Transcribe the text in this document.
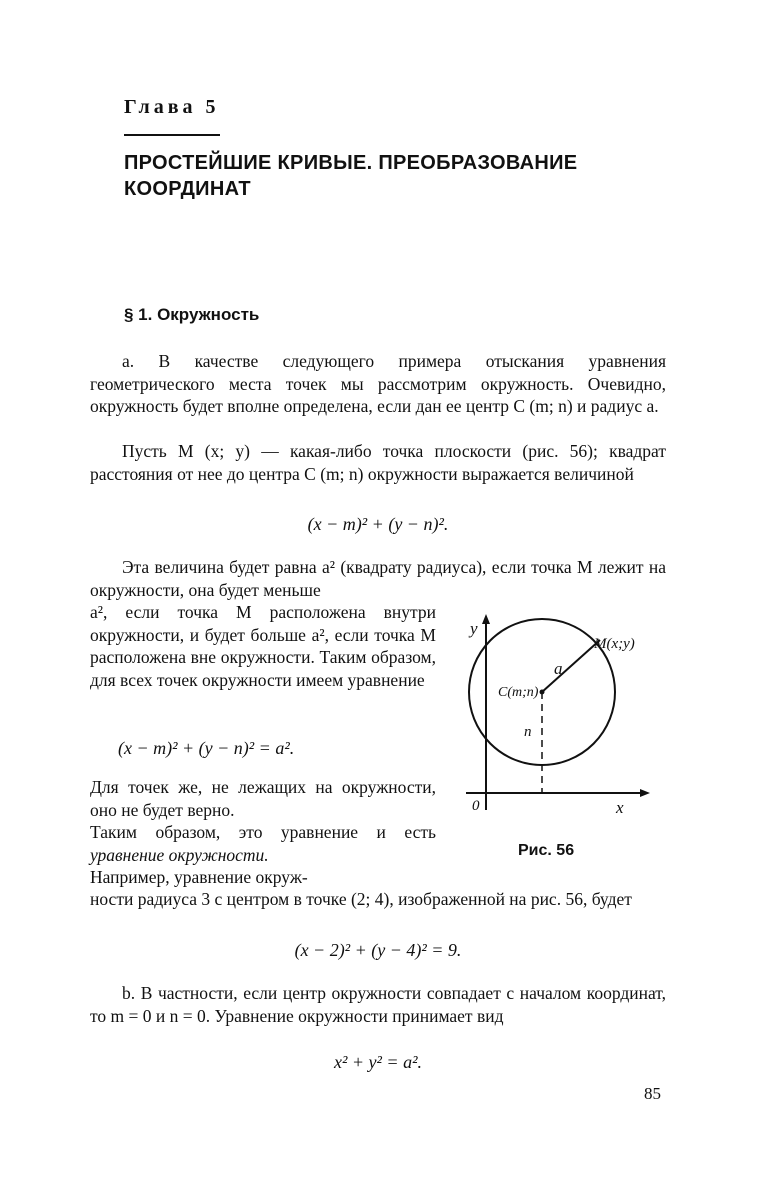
Глава 5
ПРОСТЕЙШИЕ КРИВЫЕ. ПРЕОБРАЗОВАНИЕ КООРДИНАТ
§ 1. Окружность
a. В качестве следующего примера отыскания уравнения геометрического места точек мы рассмотрим окружность. Очевидно, окружность будет вполне определена, если дан ее центр C (m; n) и радиус a.
Пусть M (x; y) — какая-либо точка плоскости (рис. 56); квадрат расстояния от нее до центра C (m; n) окружности выражается величиной
(x − m)² + (y − n)².
Эта величина будет равна a² (квадрату радиуса), если точка M лежит на окружности, она будет меньше
a², если точка M расположена внутри окружности, и будет больше a², если точка M расположена вне окружности. Таким образом, для всех точек окружности имеем уравнение
(x − m)² + (y − n)² = a².
Для точек же, не лежащих на окружности, оно не будет верно.
Таким образом, это уравнение и есть уравнение окружности.
Например, уравнение окруж-
ности радиуса 3 с центром в точке (2; 4), изображенной на рис. 56, будет
(x − 2)² + (y − 4)² = 9.
b. В частности, если центр окружности совпадает с началом координат, то m = 0 и n = 0. Уравнение окружности принимает вид
x² + y² = a².
y
x
0
M(x;y)
C(m;n)
a
n
Рис. 56
85
